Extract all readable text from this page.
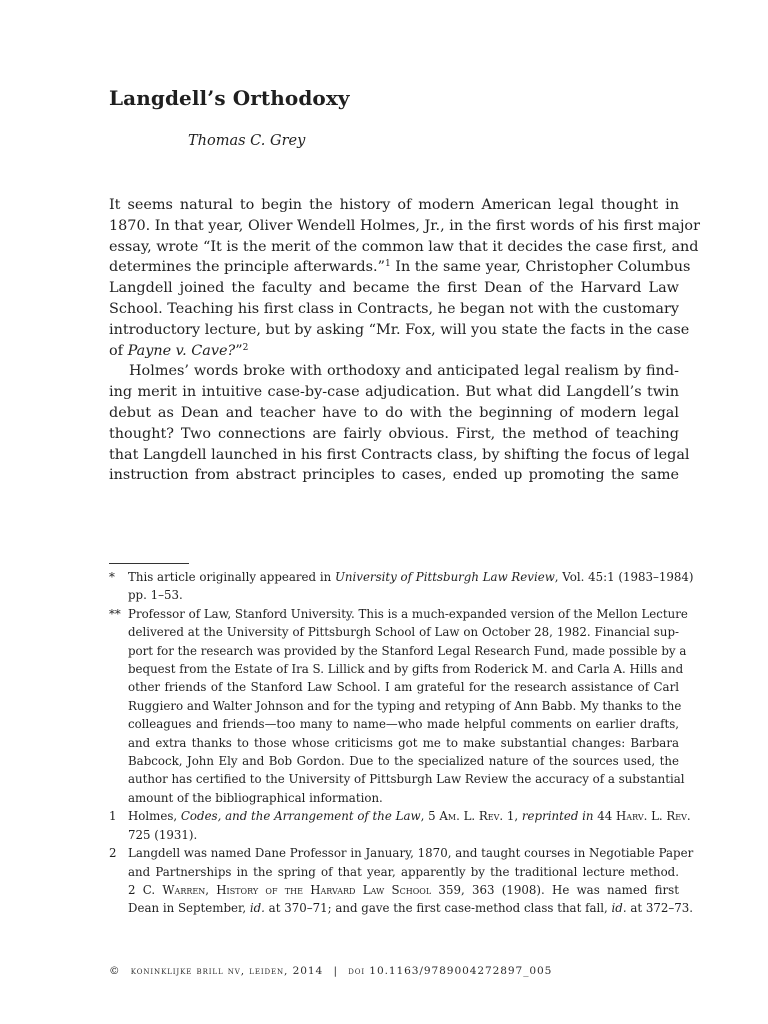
Langdell’s Orthodoxy
Thomas C. Grey
It seems natural to begin the history of modern American legal thought in
1870. In that year, Oliver Wendell Holmes, Jr., in the first words of his first major
essay, wrote “It is the merit of the common law that it decides the case first, and
determines the principle afterwards.”$^1$ In the same year, Christopher Columbus
Langdell joined the faculty and became the first Dean of the Harvard Law
School. Teaching his first class in Contracts, he began not with the customary
introductory lecture, but by asking “Mr. Fox, will you state the facts in the case
of Payne v. Cave?”$^2$
Holmes’ words broke with orthodoxy and anticipated legal realism by find-
ing merit in intuitive case-by-case adjudication. But what did Langdell’s twin
debut as Dean and teacher have to do with the beginning of modern legal
thought? Two connections are fairly obvious. First, the method of teaching
that Langdell launched in his first Contracts class, by shifting the focus of legal
instruction from abstract principles to cases, ended up promoting the same
* This article originally appeared in University of Pittsburgh Law Review, Vol. 45:1 (1983–1984)
pp. 1–53.
** Professor of Law, Stanford University. This is a much-expanded version of the Mellon Lecture
delivered at the University of Pittsburgh School of Law on October 28, 1982. Financial sup-
port for the research was provided by the Stanford Legal Research Fund, made possible by a
bequest from the Estate of Ira S. Lillick and by gifts from Roderick M. and Carla A. Hills and
other friends of the Stanford Law School. I am grateful for the research assistance of Carl
Ruggiero and Walter Johnson and for the typing and retyping of Ann Babb. My thanks to the
colleagues and friends—too many to name—who made helpful comments on earlier drafts,
and extra thanks to those whose criticisms got me to make substantial changes: Barbara
Babcock, John Ely and Bob Gordon. Due to the specialized nature of the sources used, the
author has certified to the University of Pittsburgh Law Review the accuracy of a substantial
amount of the bibliographical information.
1 Holmes, Codes, and the Arrangement of the Law, 5 Am. L. Rev. 1, reprinted in 44 Harv. L. Rev.
725 (1931).
2 Langdell was named Dane Professor in January, 1870, and taught courses in Negotiable Paper
and Partnerships in the spring of that year, apparently by the traditional lecture method.
2 C. Warren, History of the Harvard Law School 359, 363 (1908). He was named first
Dean in September, id. at 370–71; and gave the first case-method class that fall, id. at 372–73.
© koninklijke brill nv, leiden, 2014 | doi 10.1163/9789004272897_005
